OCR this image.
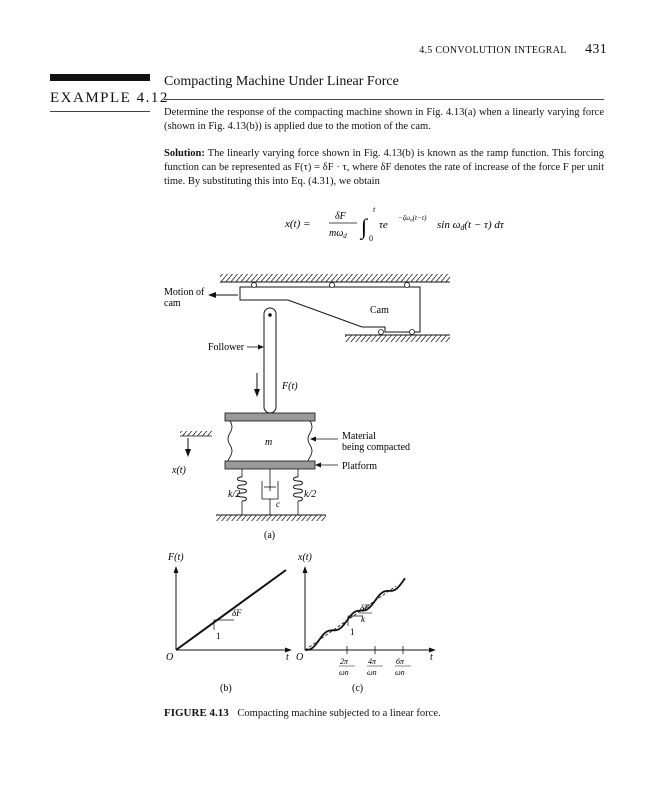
4.5 CONVOLUTION INTEGRAL 431
EXAMPLE 4.12
Compacting Machine Under Linear Force
Determine the response of the compacting machine shown in Fig. 4.13(a) when a linearly varying force (shown in Fig. 4.13(b)) is applied due to the motion of the cam.
Solution: The linearly varying force shown in Fig. 4.13(b) is known as the ramp function. This forcing function can be represented as F(τ) = δF · τ, where δF denotes the rate of increase of the force F per unit time. By substituting this into Eq. (4.31), we obtain
x(t) =
δF
$m\omega_d$ ∫
t
0
τe
$-\zeta\omega_n(t-\tau)$
sin ωd(t − τ) dτ
Cam
Motion of
cam
Follower
F(t)
m
Material
being compacted
Platform
x(t)
k/2	k/2
c
(a)
F(t)
t
O
δF
1
(b)
x(t)
t
O
δF
k
1
2π
ωn
4π
ωn
6π
ωn
(c)
FIGURE 4.13 Compacting machine subjected to a linear force.
